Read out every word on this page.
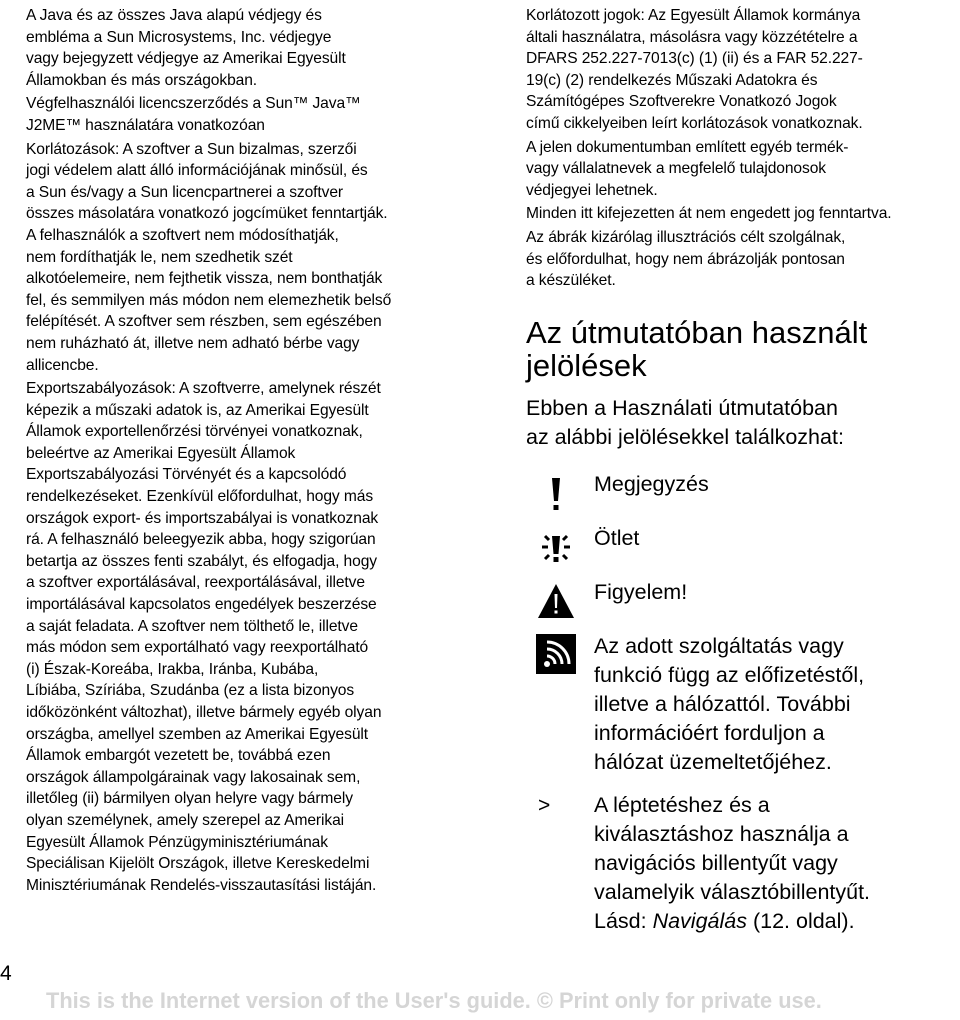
A Java és az összes Java alapú védjegy és
embléma a Sun Microsystems, Inc. védjegye
vagy bejegyzett védjegye az Amerikai Egyesült
Államokban és más országokban.

Végfelhasználói licencszerződés a Sun™ Java™
J2ME™ használatára vonatkozóan

Korlátozások: A szoftver a Sun bizalmas, szerzői
jogi védelem alatt álló információjának minősül, és
a Sun és/vagy a Sun licencpartnerei a szoftver
összes másolatára vonatkozó jogcímüket fenntartják.
A felhasználók a szoftvert nem módosíthatják,
nem fordíthatják le, nem szedhetik szét
alkotóelemeire, nem fejthetik vissza, nem bonthatják
fel, és semmilyen más módon nem elemezhetik belső
felépítését. A szoftver sem részben, sem egészében
nem ruházható át, illetve nem adható bérbe vagy
allicencbe.

Exportszabályozások: A szoftverre, amelynek részét
képezik a műszaki adatok is, az Amerikai Egyesült
Államok exportellenőrzési törvényei vonatkoznak,
beleértve az Amerikai Egyesült Államok
Exportszabályozási Törvényét és a kapcsolódó
rendelkezéseket. Ezenkívül előfordulhat, hogy más
országok export- és importszabályai is vonatkoznak
rá. A felhasználó beleegyezik abba, hogy szigorúan
betartja az összes fenti szabályt, és elfogadja, hogy
a szoftver exportálásával, reexportálásával, illetve
importálásával kapcsolatos engedélyek beszerzése
a saját feladata. A szoftver nem tölthető le, illetve
más módon sem exportálható vagy reexportálható
(i) Észak-Koreába, Irakba, Iránba, Kubába,
Líbiába, Szíriába, Szudánba (ez a lista bizonyos
időközönként változhat), illetve bármely egyéb olyan
országba, amellyel szemben az Amerikai Egyesült
Államok embargót vezetett be, továbbá ezen
országok állampolgárainak vagy lakosainak sem,
illetőleg (ii) bármilyen olyan helyre vagy bármely
olyan személynek, amely szerepel az Amerikai
Egyesült Államok Pénzügyminisztériumának
Speciálisan Kijelölt Országok, illetve Kereskedelmi
Minisztériumának Rendelés-visszautasítási listáján.

Korlátozott jogok: Az Egyesült Államok kormánya
általi használatra, másolásra vagy közzétételre a
DFARS 252.227-7013(c) (1) (ii) és a FAR 52.227-
19(c) (2) rendelkezés Műszaki Adatokra és
Számítógépes Szoftverekre Vonatkozó Jogok
című cikkelyeiben leírt korlátozások vonatkoznak.

A jelen dokumentumban említett egyéb termék-
vagy vállalatnevek a megfelelő tulajdonosok
védjegyei lehetnek.

Minden itt kifejezetten át nem engedett jog fenntartva.

Az ábrák kizárólag illusztrációs célt szolgálnak,
és előfordulhat, hogy nem ábrázolják pontosan
a készüléket.

Az útmutatóban használt
jelölések

Ebben a Használati útmutatóban
az alábbi jelölésekkel találkozhat:

Megjegyzés
Ötlet
Figyelem!
Az adott szolgáltatás vagy
funkció függ az előfizetéstől,
illetve a hálózattól. További
információért forduljon a
hálózat üzemeltetőjéhez.
>	A léptetéshez és a
kiválasztáshoz használja a
navigációs billentyűt vagy
valamelyik választóbillentyűt.
Lásd: Navigálás (12. oldal).
4
This is the Internet version of the User's guide. © Print only for private use.
